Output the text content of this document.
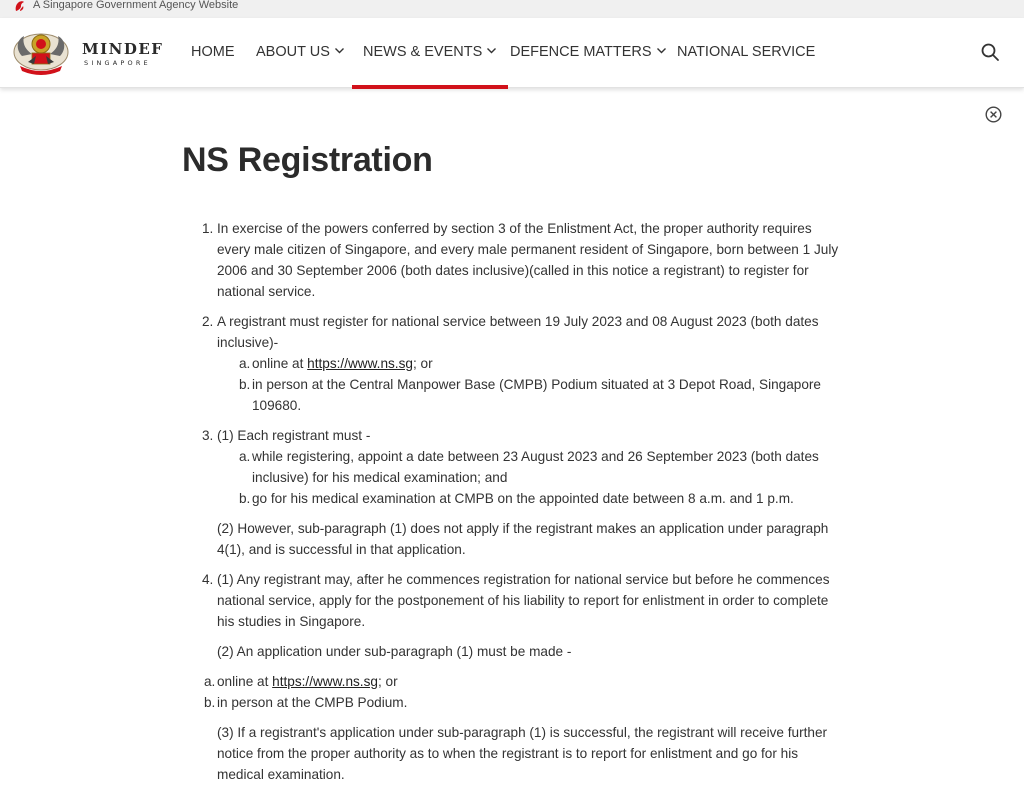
A Singapore Government Agency Website
MINDEF
SINGAPORE
HOME ABOUT US	NEWS & EVENTS	DEFENCE MATTERS	NATIONAL SERVICE
NS Registration
1. In exercise of the powers conferred by section 3 of the Enlistment Act, the proper authority requires every male citizen of Singapore, and every male permanent resident of Singapore, born between 1 July 2006 and 30 September 2006 (both dates inclusive)(called in this notice a registrant) to register for national service.
2. A registrant must register for national service between 19 July 2023 and 08 August 2023 (both dates inclusive)-
a. online at https://www.ns.sg; or
b. in person at the Central Manpower Base (CMPB) Podium situated at 3 Depot Road, Singapore 109680.
3. (1) Each registrant must -
a. while registering, appoint a date between 23 August 2023 and 26 September 2023 (both dates inclusive) for his medical examination; and
b. go for his medical examination at CMPB on the appointed date between 8 a.m. and 1 p.m.
(2) However, sub-paragraph (1) does not apply if the registrant makes an application under paragraph 4(1), and is successful in that application.
4. (1) Any registrant may, after he commences registration for national service but before he commences national service, apply for the postponement of his liability to report for enlistment in order to complete his studies in Singapore.
(2) An application under sub-paragraph (1) must be made -
a. online at https://www.ns.sg; or
b. in person at the CMPB Podium.
(3) If a registrant's application under sub-paragraph (1) is successful, the registrant will receive further notice from the proper authority as to when the registrant is to report for enlistment and go for his medical examination.
